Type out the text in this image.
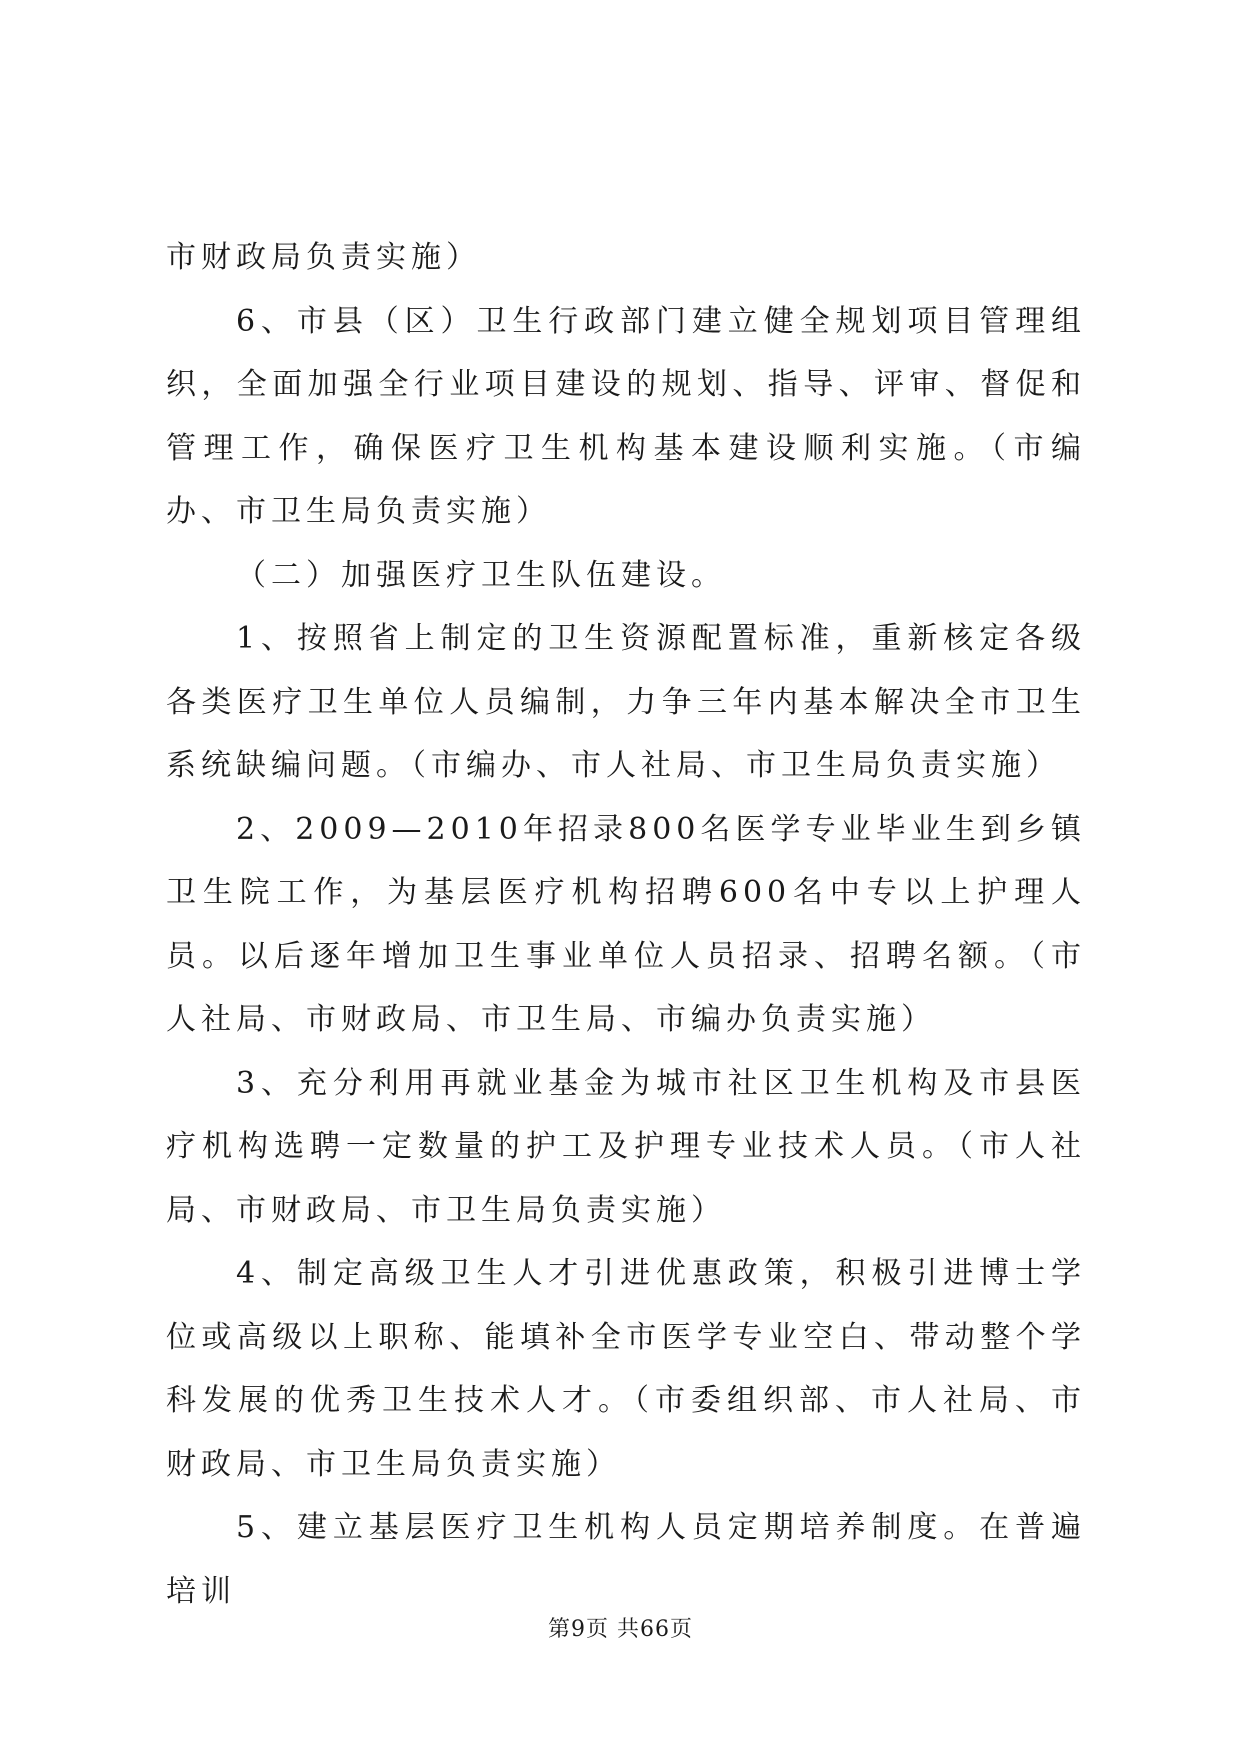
市财政局负责实施）

6、市县（区）卫生行政部门建立健全规划项目管理组织，全面加强全行业项目建设的规划、指导、评审、督促和管理工作，确保医疗卫生机构基本建设顺利实施。（市编办、市卫生局负责实施）

（二）加强医疗卫生队伍建设。

1、按照省上制定的卫生资源配置标准，重新核定各级各类医疗卫生单位人员编制，力争三年内基本解决全市卫生系统缺编问题。（市编办、市人社局、市卫生局负责实施）

2、2009—2010年招录800名医学专业毕业生到乡镇卫生院工作，为基层医疗机构招聘600名中专以上护理人员。以后逐年增加卫生事业单位人员招录、招聘名额。（市人社局、市财政局、市卫生局、市编办负责实施）

3、充分利用再就业基金为城市社区卫生机构及市县医疗机构选聘一定数量的护工及护理专业技术人员。（市人社局、市财政局、市卫生局负责实施）

4、制定高级卫生人才引进优惠政策，积极引进博士学位或高级以上职称、能填补全市医学专业空白、带动整个学科发展的优秀卫生技术人才。（市委组织部、市人社局、市财政局、市卫生局负责实施）

5、建立基层医疗卫生机构人员定期培养制度。在普遍培训

第9页 共66页
